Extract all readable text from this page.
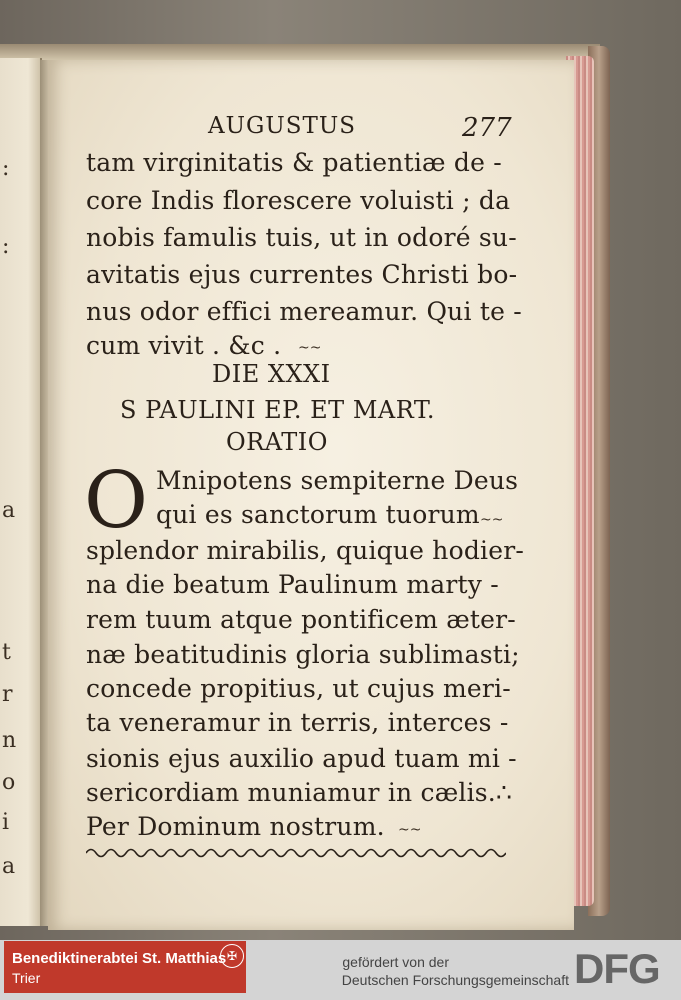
:
:
a
t
r
n
o
i
a
AUGUSTUS	277
tam virginitatis & patientiæ de -
core Indis florescere voluisti ; da
nobis famulis tuis, ut in odoré su-
avitatis ejus currentes Christi bo-
nus odor effici mereamur. Qui te -
cum vivit . &c . ~~
DIE XXXI
S PAULINI EP. ET MART.
ORATIO
O Mnipotens sempiterne Deus
qui es sanctorum tuorum ~~
splendor mirabilis, quique hodier-
na die beatum Paulinum marty -
rem tuum atque pontificem æter-
næ beatitudinis gloria sublimasti;
concede propitius, ut cujus meri-
ta veneramur in terris, interces -
sionis ejus auxilio apud tuam mi -
sericordiam muniamur in cælis.∴
Per Dominum nostrum. ~~
Benediktinerabtei St. Matthias
Trier
✠	gefördert von der
Deutschen Forschungsgemeinschaft DFG
